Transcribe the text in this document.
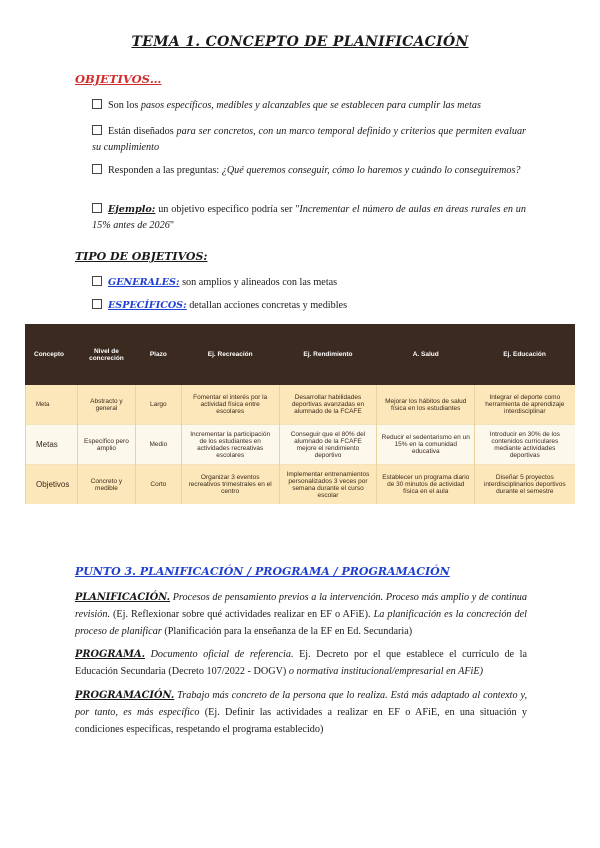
TEMA 1. CONCEPTO DE PLANIFICACIÓN
OBJETIVOS…
Son los pasos específicos, medibles y alcanzables que se establecen para cumplir las metas
Están diseñados para ser concretos, con un marco temporal definido y criterios que permiten evaluar su cumplimiento
Responden a las preguntas: ¿Qué queremos conseguir, cómo lo haremos y cuándo lo conseguiremos?
Ejemplo: un objetivo específico podría ser "Incrementar el número de aulas en áreas rurales en un 15% antes de 2026"
TIPO DE OBJETIVOS:
GENERALES: son amplios y alineados con las metas
ESPECÍFICOS: detallan acciones concretas y medibles
Concepto	Nivel de concreción	Plazo	Ej. Recreación	Ej. Rendimiento	A. Salud	Ej. Educación
Meta	Abstracto y general	Largo	Fomentar el interés por la actividad física entre escolares	Desarrollar habilidades deportivas avanzadas en alumnado de la FCAFE	Mejorar los hábitos de salud física en los estudiantes	Integrar el deporte como herramienta de aprendizaje interdisciplinar
Metas	Específico pero amplio	Medio	Incrementar la participación de los estudiantes en actividades recreativas escolares	Conseguir que el 80% del alumnado de la FCAFE mejore el rendimiento deportivo	Reducir el sedentarismo en un 15% en la comunidad educativa	Introducir en 30% de los contenidos curriculares mediante actividades deportivas
Objetivos	Concreto y medible	Corto	Organizar 3 eventos recreativos trimestrales en el centro	Implementar entrenamientos personalizados 3 veces por semana durante el curso escolar	Establecer un programa diario de 30 minutos de actividad física en el aula	Diseñar 5 proyectos interdisciplinarios deportivos durante el semestre
PUNTO 3. PLANIFICACIÓN / PROGRAMA / PROGRAMACIÓN
PLANIFICACIÓN. Procesos de pensamiento previos a la intervención. Proceso más amplio y de continua revisión. (Ej. Reflexionar sobre qué actividades realizar en EF o AFiE). La planificación es la concreción del proceso de planificar (Planificación para la enseñanza de la EF en Ed. Secundaria)
PROGRAMA. Documento oficial de referencia. Ej. Decreto por el que establece el currículo de la Educación Secundaria (Decreto 107/2022 - DOGV) o normativa institucional/empresarial en AFiE)
PROGRAMACIÓN. Trabajo más concreto de la persona que lo realiza. Está más adaptado al contexto y, por tanto, es más específico (Ej. Definir las actividades a realizar en EF o AFiE, en una situación y condiciones específicas, respetando el programa establecido)
